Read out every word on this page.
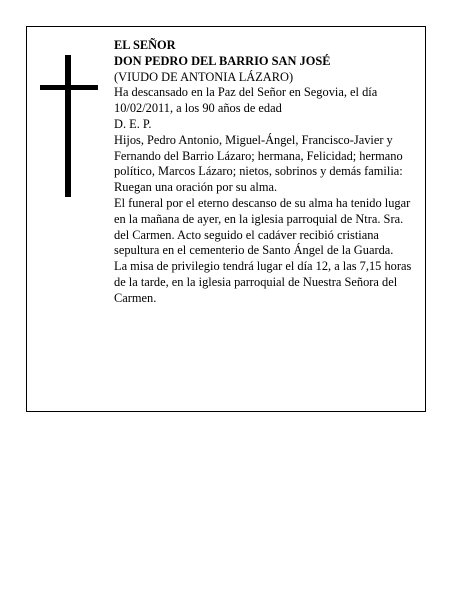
EL SEÑOR

DON PEDRO DEL BARRIO SAN JOSÉ

(VIUDO DE ANTONIA LÁZARO)

Ha descansado en la Paz del Señor en Segovia, el día 10/02/2011, a los 90 años de edad

D. E. P.

Hijos, Pedro Antonio, Miguel-Ángel, Francisco-Javier y Fernando del Barrio Lázaro; hermana, Felicidad; hermano político, Marcos Lázaro; nietos, sobrinos y demás familia:

Ruegan una oración por su alma.

El funeral por el eterno descanso de su alma ha tenido lugar en la mañana de ayer, en la iglesia parroquial de Ntra. Sra. del Carmen. Acto seguido el cadáver recibió cristiana sepultura en el cementerio de Santo Ángel de la Guarda.

La misa de privilegio tendrá lugar el día 12, a las 7,15 horas de la tarde, en la iglesia parroquial de Nuestra Señora del Carmen.
